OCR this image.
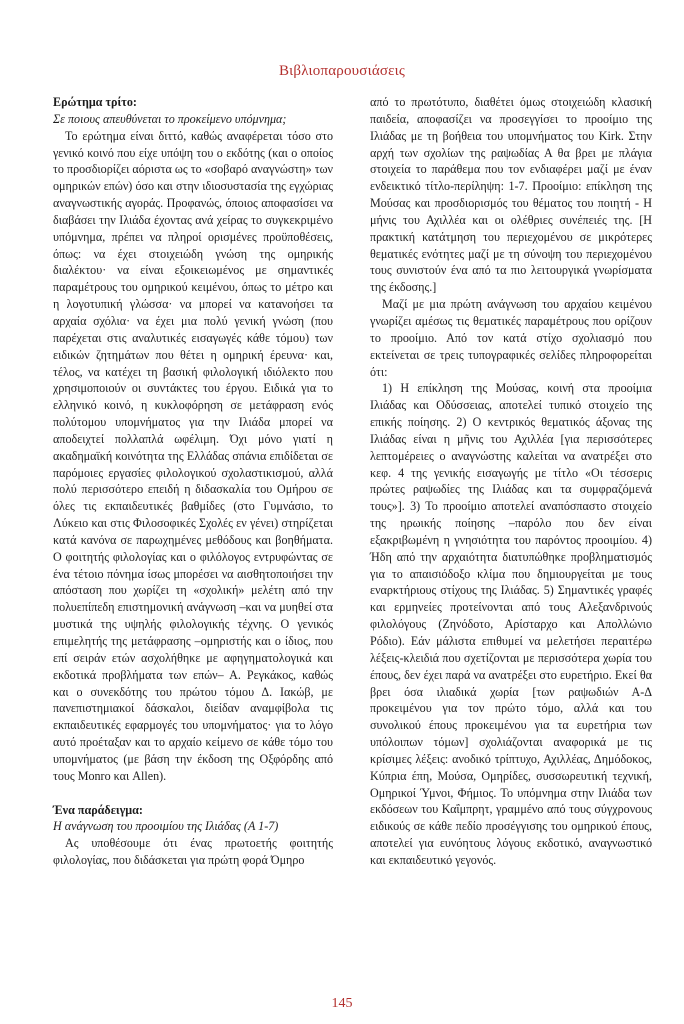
Βιβλιοπαρουσιάσεις

Ερώτημα τρίτο:

Σε ποιους απευθύνεται το προκείμενο υπόμνημα;

Το ερώτημα είναι διττό, καθώς αναφέρεται τόσο στο γενικό κοινό που είχε υπόψη του ο εκδότης (και ο οποίος το προσδιορίζει αόριστα ως το «σοβαρό αναγνώστη» των ομηρικών επών) όσο και στην ιδιοσυστασία της εγχώριας αναγνωστικής αγοράς. Προφανώς, όποιος αποφασίσει να διαβάσει την Ιλιάδα έχοντας ανά χείρας το συγκεκριμένο υπόμνημα, πρέπει να πληροί ορισμένες προϋποθέσεις, όπως: να έχει στοιχειώδη γνώση της ομηρικής διαλέκτου· να είναι εξοικειωμένος με σημαντικές παραμέτρους του ομηρικού κειμένου, όπως το μέτρο και η λογοτυπική γλώσσα· να μπορεί να κατανοήσει τα αρχαία σχόλια· να έχει μια πολύ γενική γνώση (που παρέχεται στις αναλυτικές εισαγωγές κάθε τόμου) των ειδικών ζητημάτων που θέτει η ομηρική έρευνα· και, τέλος, να κατέχει τη βασική φιλολογική ιδιόλεκτο που χρησιμοποιούν οι συντάκτες του έργου. Ειδικά για το ελληνικό κοινό, η κυκλοφόρηση σε μετάφραση ενός πολύτομου υπομνήματος για την Ιλιάδα μπορεί να αποδειχτεί πολλαπλά ωφέλιμη. Όχι μόνο γιατί η ακαδημαϊκή κοινότητα της Ελλάδας σπάνια επιδίδεται σε παρόμοιες εργασίες φιλολογικού σχολαστικισμού, αλλά πολύ περισσότερο επειδή η διδασκαλία του Ομήρου σε όλες τις εκπαιδευτικές βαθμίδες (στο Γυμνάσιο, το Λύκειο και στις Φιλοσοφικές Σχολές εν γένει) στηρίζεται κατά κανόνα σε παρωχημένες μεθόδους και βοηθήματα. Ο φοιτητής φιλολογίας και ο φιλόλογος εντρυφώντας σε ένα τέτοιο πόνημα ίσως μπορέσει να αισθητοποιήσει την απόσταση που χωρίζει τη «σχολική» μελέτη από την πολυεπίπεδη επιστημονική ανάγνωση –και να μυηθεί στα μυστικά της υψηλής φιλολογικής τέχνης. Ο γενικός επιμελητής της μετάφρασης –ομηριστής και ο ίδιος, που επί σειράν ετών ασχολήθηκε με αφηγηματολογικά και εκδοτικά προβλήματα των επών– Α. Ρεγκάκος, καθώς και ο συνεκδότης του πρώτου τόμου Δ. Ιακώβ, με πανεπιστημιακοί δάσκαλοι, διείδαν αναμφίβολα τις εκπαιδευτικές εφαρμογές του υπομνήματος· για το λόγο αυτό προέταξαν και το αρχαίο κείμενο σε κάθε τόμο του υπομνήματος (με βάση την έκδοση της Οξφόρδης από τους Monro και Allen).

Ένα παράδειγμα:

Η ανάγνωση του προοιμίου της Ιλιάδας (Α 1-7)

Ας υποθέσουμε ότι ένας πρωτοετής φοιτητής φιλολογίας, που διδάσκεται για πρώτη φορά Όμηρο

από το πρωτότυπο, διαθέτει όμως στοιχειώδη κλασική παιδεία, αποφασίζει να προσεγγίσει το προοίμιο της Ιλιάδας με τη βοήθεια του υπομνήματος του Kirk. Στην αρχή των σχολίων της ραψωδίας Α θα βρει με πλάγια στοιχεία το παράθεμα που τον ενδιαφέρει μαζί με έναν ενδεικτικό τίτλο-περίληψη: 1-7. Προοίμιο: επίκληση της Μούσας και προσδιορισμός του θέματος του ποιητή - Η μήνις του Αχιλλέα και οι ολέθριες συνέπειές της. [Η πρακτική κατάτμηση του περιεχομένου σε μικρότερες θεματικές ενότητες μαζί με τη σύνοψη του περιεχομένου τους συνιστούν ένα από τα πιο λειτουργικά γνωρίσματα της έκδοσης.]

Μαζί με μια πρώτη ανάγνωση του αρχαίου κειμένου γνωρίζει αμέσως τις θεματικές παραμέτρους που ορίζουν το προοίμιο. Από τον κατά στίχο σχολιασμό που εκτείνεται σε τρεις τυπογραφικές σελίδες πληροφορείται ότι:

1) Η επίκληση της Μούσας, κοινή στα προοίμια Ιλιάδας και Οδύσσειας, αποτελεί τυπικό στοιχείο της επικής ποίησης. 2) Ο κεντρικός θεματικός άξονας της Ιλιάδας είναι η μῆνις του Αχιλλέα [για περισσότερες λεπτομέρειες ο αναγνώστης καλείται να ανατρέξει στο κεφ. 4 της γενικής εισαγωγής με τίτλο «Οι τέσσερις πρώτες ραψωδίες της Ιλιάδας και τα συμφραζόμενά τους»]. 3) Το προοίμιο αποτελεί αναπόσπαστο στοιχείο της ηρωικής ποίησης –παρόλο που δεν είναι εξακριβωμένη η γνησιότητα του παρόντος προοιμίου. 4) Ήδη από την αρχαιότητα διατυπώθηκε προβληματισμός για το απαισιόδοξο κλίμα που δημιουργείται με τους εναρκτήριους στίχους της Ιλιάδας. 5) Σημαντικές γραφές και ερμηνείες προτείνονται από τους Αλεξανδρινούς φιλολόγους (Ζηνόδοτο, Αρίσταρχο και Απολλώνιο Ρόδιο). Εάν μάλιστα επιθυμεί να μελετήσει περαιτέρω λέξεις-κλειδιά που σχετίζονται με περισσότερα χωρία του έπους, δεν έχει παρά να ανατρέξει στο ευρετήριο. Εκεί θα βρει όσα ιλιαδικά χωρία [των ραψωδιών Α-Δ προκειμένου για τον πρώτο τόμο, αλλά και του συνολικού έπους προκειμένου για τα ευρετήρια των υπόλοιπων τόμων] σχολιάζονται αναφορικά με τις κρίσιμες λέξεις: ανοδικό τρίπτυχο, Αχιλλέας, Δημόδοκος, Κύπρια έπη, Μούσα, Ομηρίδες, συσσωρευτική τεχνική, Ομηρικοί Ύμνοι, Φήμιος. Το υπόμνημα στην Ιλιάδα των εκδόσεων του Καΐμπρητ, γραμμένο από τους σύγχρονους ειδικούς σε κάθε πεδίο προσέγγισης του ομηρικού έπους, αποτελεί για ευνόητους λόγους εκδοτικό, αναγνωστικό και εκπαιδευτικό γεγονός.

145
